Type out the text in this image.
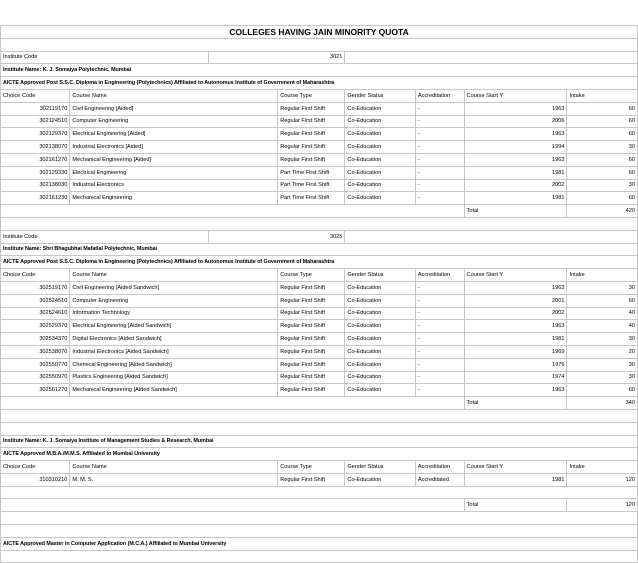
COLLEGES HAVING JAIN MINORITY QUOTA							

Institute Code		3021					
Institute Name: K. J. Somaiya Polytechnic, Mumbai							
AICTE Approved Post S.S.C. Diploma in Engineering (Polytechnics) Affiliated to Autonomus Institute of Government of Maharashtra							
Choice Code	Course Name		Course Type	Gender Status	Accreditation	Course Start Y	Intake
302119170	Civil Engineering [Aided]		Regular First Shift	Co-Education	-	1963	60
302124510	Computer Engineering		Regular First Shift	Co-Education	-	2006	60
302129370	Electrical Engineering [Aided]		Regular First Shift	Co-Education	-	1963	60
302138070	Industrial Electronics [Aided]		Regular First Shift	Co-Education	-	1994	30
302161270	Mechanical Engineering [Aided]		Regular First Shift	Co-Education	-	1963	60
302129330	Electrical Engineering		Part Time First Shift	Co-Education	-	1981	60
302138030	Industrial Electronics		Part Time First Shift	Co-Education	-	2002	30
302161230	Mechanical Engineering		Part Time First Shift	Co-Education	-	1981	60
						Total	420

Institute Code		3025					
Institute Name: Shri Bhagubhai Mafatlal Polytechnic, Mumbai							
AICTE Approved Post S.S.C. Diploma in Engineering (Polytechnics) Affiliated to Autonomus Institute of Government of Maharashtra							
Choice Code	Course Name		Course Type	Gender Status	Accreditation	Course Start Y	Intake
302519170	Civil Engineering [Aided Sandwich]		Regular First Shift	Co-Education	-	1963	30
302524510	Computer Engineering		Regular First Shift	Co-Education	-	2001	60
302524610	Information Technology		Regular First Shift	Co-Education	-	2002	40
302529370	Electrical Engineering [Aided Sandwich]		Regular First Shift	Co-Education	-	1963	40
302534370	Digital Electronics [Aided Sandwich]		Regular First Shift	Co-Education	-	1981	30
302538070	Industrial Electronics [Aided Sandwich]		Regular First Shift	Co-Education	-	1969	20
302550770	Chemical Engineering [Aided Sandwich]		Regular First Shift	Co-Education	-	1976	30
302550970	Plastics Engineering [Aided Sandwich]		Regular First Shift	Co-Education	-	1974	30
302561270	Mechanical Engineering [Aided Sandwich]		Regular First Shift	Co-Education	-	1963	60
						Total	340

Institute Name: K. J. Somaiya Institute of Management Studies & Research, Mumbai							
AICTE Approved M.B.A./M.M.S. Affiliated to Mumbai University							
Choice Code	Course Name		Course Type	Gender Status	Accreditation	Course Start Y	Intake
310310210	M. M. S.		Regular First Shift	Co-Education	Accreditated	1981	120

						Total	120

AICTE Approved Master in Computer Application (M.C.A.) Affiliated to Mumbai University							
